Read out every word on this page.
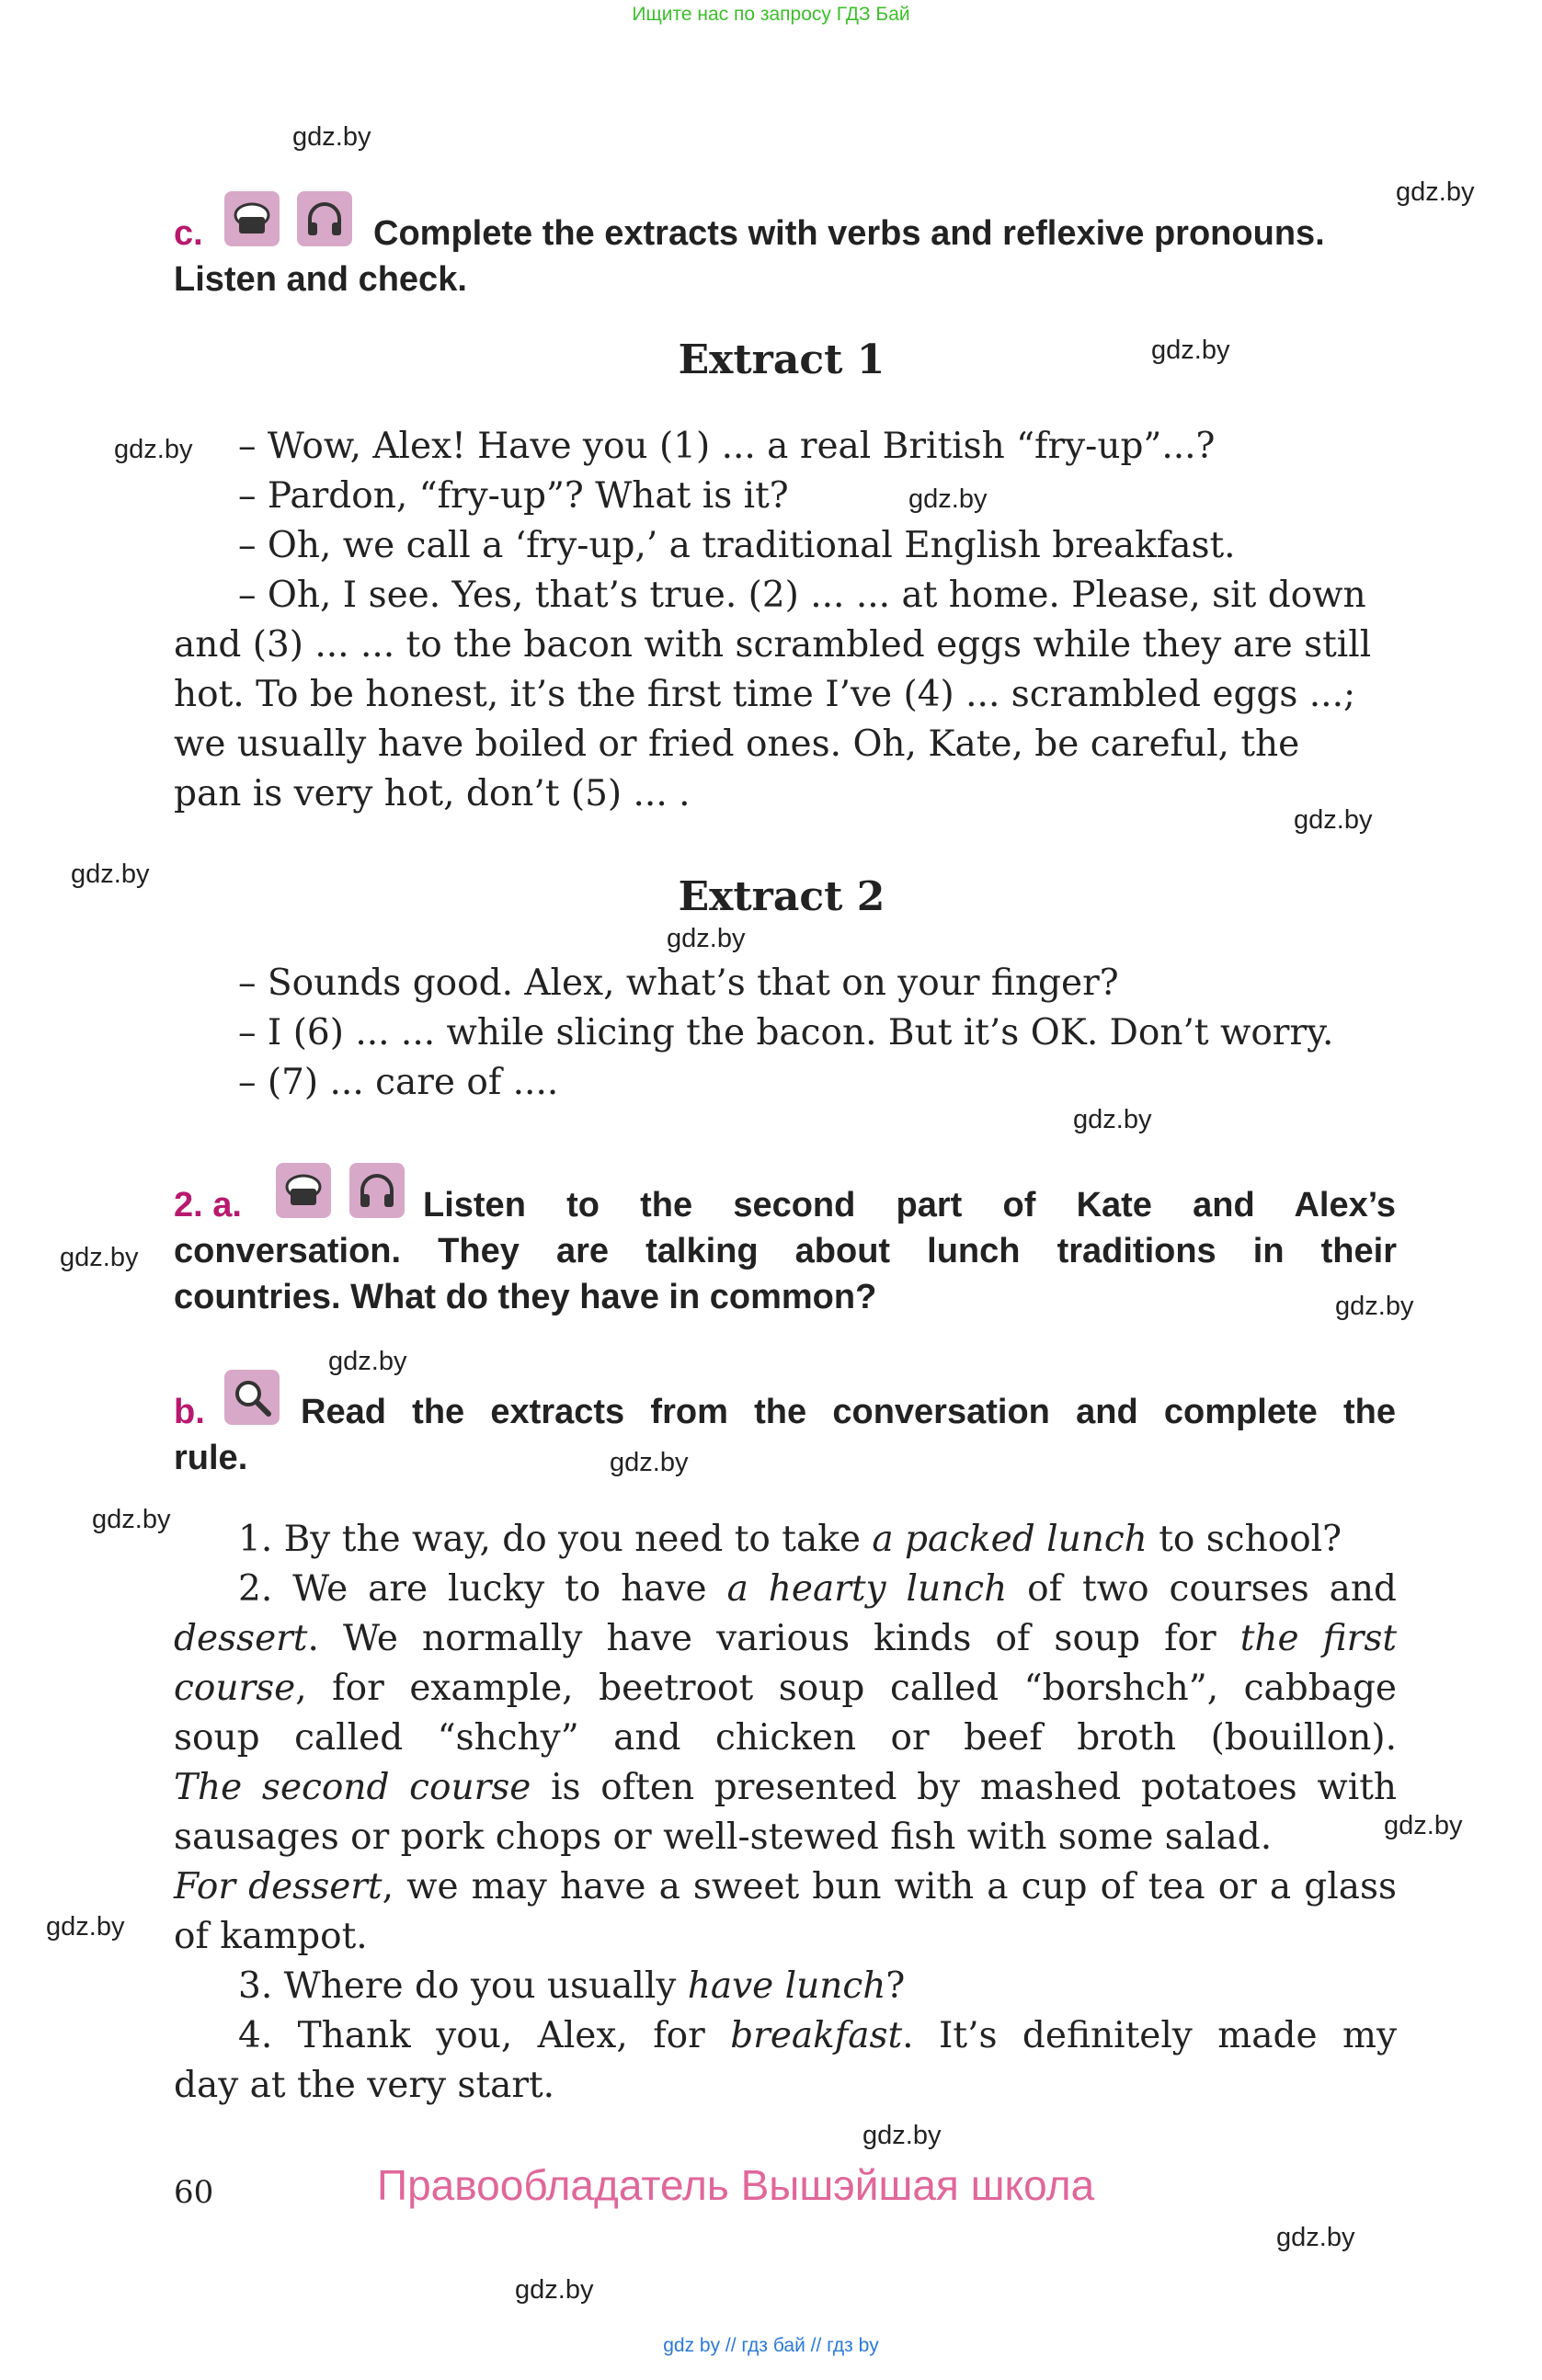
Ищите нас по запросу ГДЗ Бай
gdz.by
gdz.by
gdz.by
gdz.by
gdz.by
gdz.by
gdz.by
gdz.by
gdz.by
gdz.by
gdz.by
gdz.by
gdz.by
gdz.by
gdz.by
gdz.by
gdz.by
gdz.by
gdz.by
c.	Complete the extracts with verbs and reflexive pronouns.
Listen and check.
Extract 1
– Wow, Alex! Have you (1) ... a real British “fry-up”...?
– Pardon, “fry-up”? What is it?
– Oh, we call a ‘fry-up,’ a traditional English breakfast.
– Oh, I see. Yes, that’s true. (2) ... ... at home. Please, sit down
and (3) ... ... to the bacon with scrambled eggs while they are still
hot. To be honest, it’s the first time I’ve (4) ... scrambled eggs ...;
we usually have boiled or fried ones. Oh, Kate, be careful, the
pan is very hot, don’t (5) ... .
Extract 2
– Sounds good. Alex, what’s that on your finger?
– I (6) ... ... while slicing the bacon. But it’s OK. Don’t worry.
– (7) ... care of ....
2. a.	Listen to the second part of Kate and Alex’s
conversation. They are talking about lunch traditions in their
countries. What do they have in common?
b.	Read the extracts from the conversation and complete the
rule.
1. By the way, do you need to take a packed lunch to school?
2. We are lucky to have a hearty lunch of two courses and
dessert. We normally have various kinds of soup for the first
course, for example, beetroot soup called “borshch”, cabbage
soup called “shchy” and chicken or beef broth (bouillon).
The second course is often presented by mashed potatoes with
sausages or pork chops or well-stewed fish with some salad.
For dessert, we may have a sweet bun with a cup of tea or a glass
of kampot.
3. Where do you usually have lunch?
4. Thank you, Alex, for breakfast. It’s definitely made my
day at the very start.
60	Правообладатель Вышэйшая школа
gdz by // гдз бай // гдз by
